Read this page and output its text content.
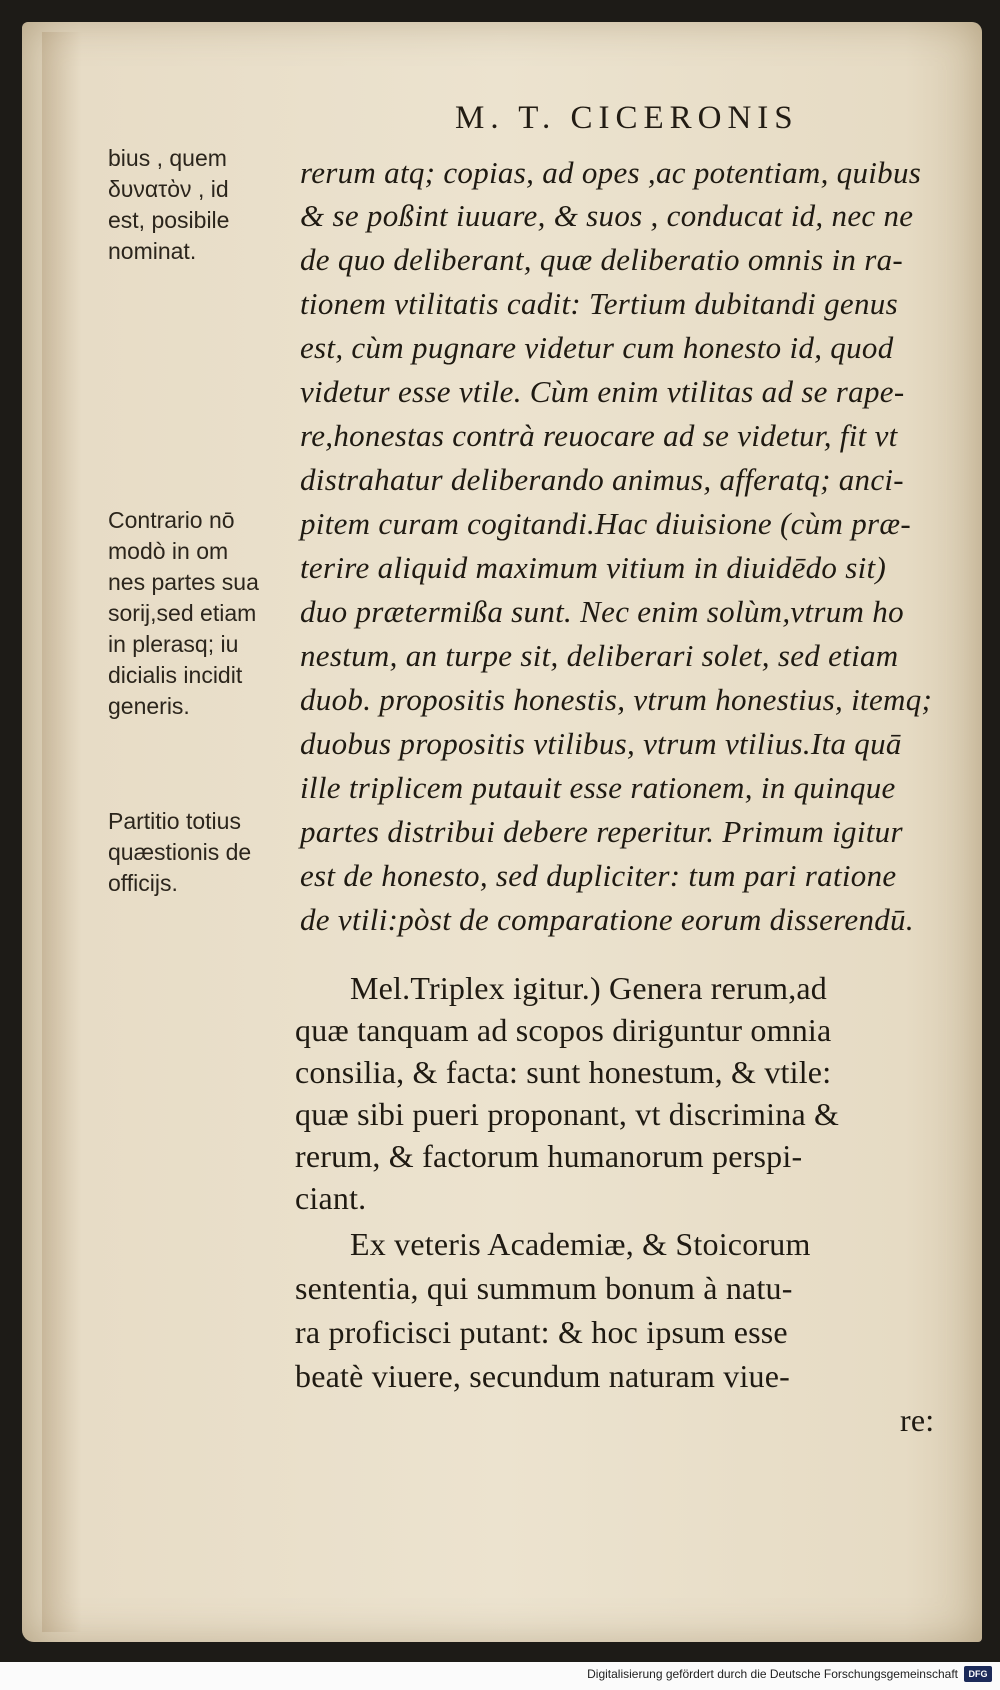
M. T. CICERONIS
bius , quem
δυνατὸν , id
est, posibile
nominat.
Contrario nō
modò in om
nes partes sua
sorij,sed etiam
in plerasq; iu
dicialis incidit
generis.
Partitio totius
quæstionis de
officijs.
rerum atq; copias, ad opes ,ac potentiam, quibus
& se poßint iuuare, & suos , conducat id, nec ne
de quo deliberant, quæ deliberatio omnis in ra-
tionem vtilitatis cadit: Tertium dubitandi genus
est, cùm pugnare videtur cum honesto id, quod
videtur esse vtile. Cùm enim vtilitas ad se rape-
re,honestas contrà reuocare ad se videtur, fit vt
distrahatur deliberando animus, afferatq; anci-
pitem curam cogitandi.Hac diuisione (cùm præ-
terire aliquid maximum vitium in diuidēdo sit)
duo prætermißa sunt. Nec enim solùm,vtrum ho
nestum, an turpe sit, deliberari solet, sed etiam
duob. propositis honestis, vtrum honestius, itemq;
duobus propositis vtilibus, vtrum vtilius.Ita quā
ille triplicem putauit esse rationem, in quinque
partes distribui debere reperitur. Primum igitur
est de honesto, sed dupliciter: tum pari ratione
de vtili:pòst de comparatione eorum disserendū.
Mel.Triplex igitur.) Genera rerum,ad
quæ tanquam ad scopos diriguntur omnia
consilia, & facta: sunt honestum, & vtile:
quæ sibi pueri proponant, vt discrimina &
rerum, & factorum humanorum perspi-
ciant.
Ex veteris Academiæ, & Stoicorum
sententia, qui summum bonum à natu-
ra proficisci putant: & hoc ipsum esse
beatè viuere, secundum naturam viue-
re:
Digitalisierung gefördert durch die Deutsche Forschungsgemeinschaft	DFG
